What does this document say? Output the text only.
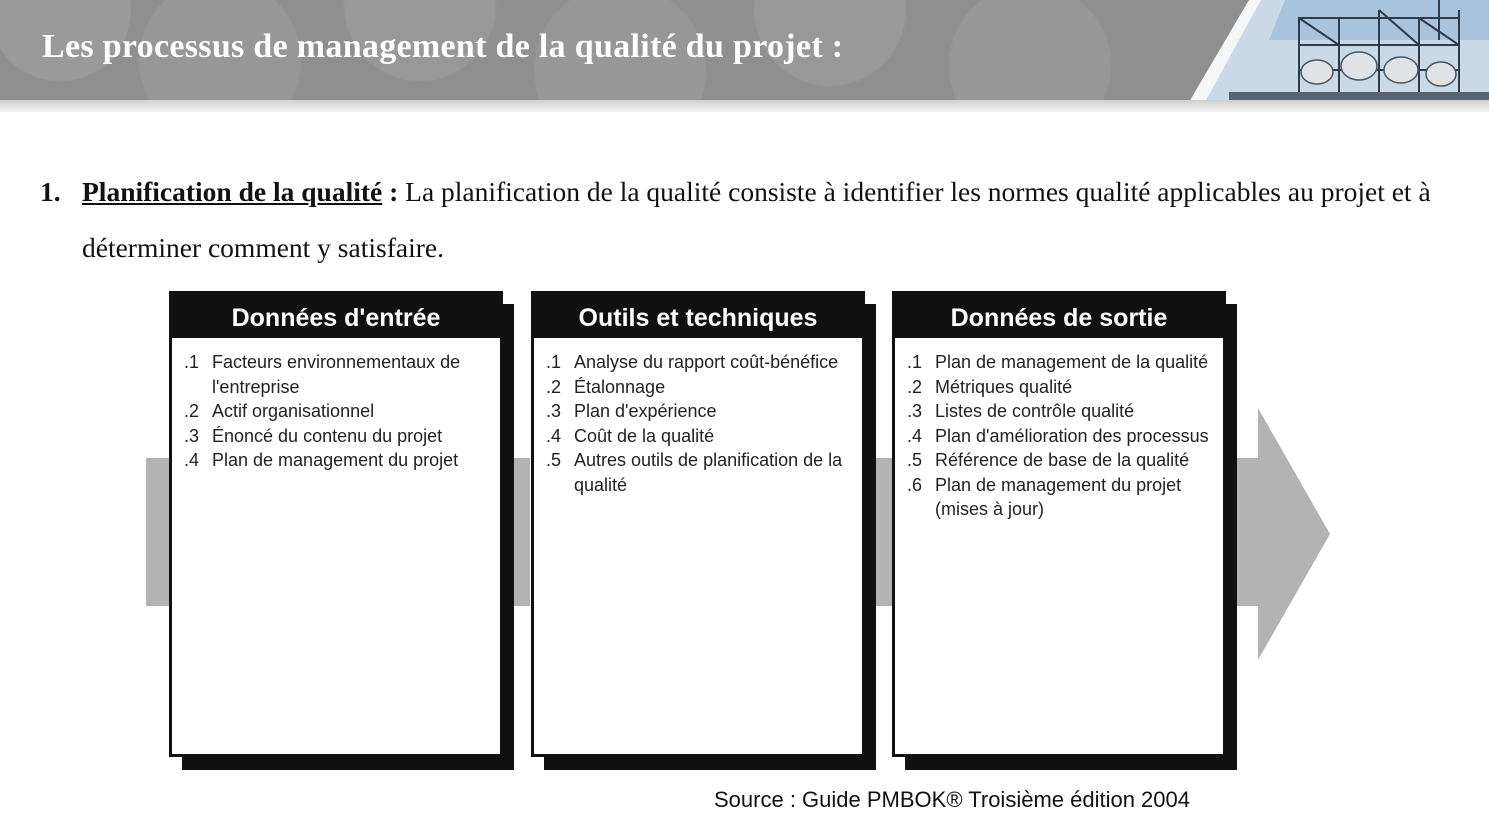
Les processus de management de la qualité du projet :
1. Planification de la qualité : La planification de la qualité consiste à identifier les normes qualité applicables au projet et à déterminer comment y satisfaire.
Données d'entrée
.1 Facteurs environnementaux de l'entreprise
.2 Actif organisationnel
.3 Énoncé du contenu du projet
.4 Plan de management du projet
Outils et techniques
.1 Analyse du rapport coût-bénéfice
.2 Étalonnage
.3 Plan d'expérience
.4 Coût de la qualité
.5 Autres outils de planification de la qualité
Données de sortie
.1 Plan de management de la qualité
.2 Métriques qualité
.3 Listes de contrôle qualité
.4 Plan d'amélioration des processus
.5 Référence de base de la qualité
.6 Plan de management du projet (mises à jour)
Source : Guide PMBOK® Troisième édition 2004
